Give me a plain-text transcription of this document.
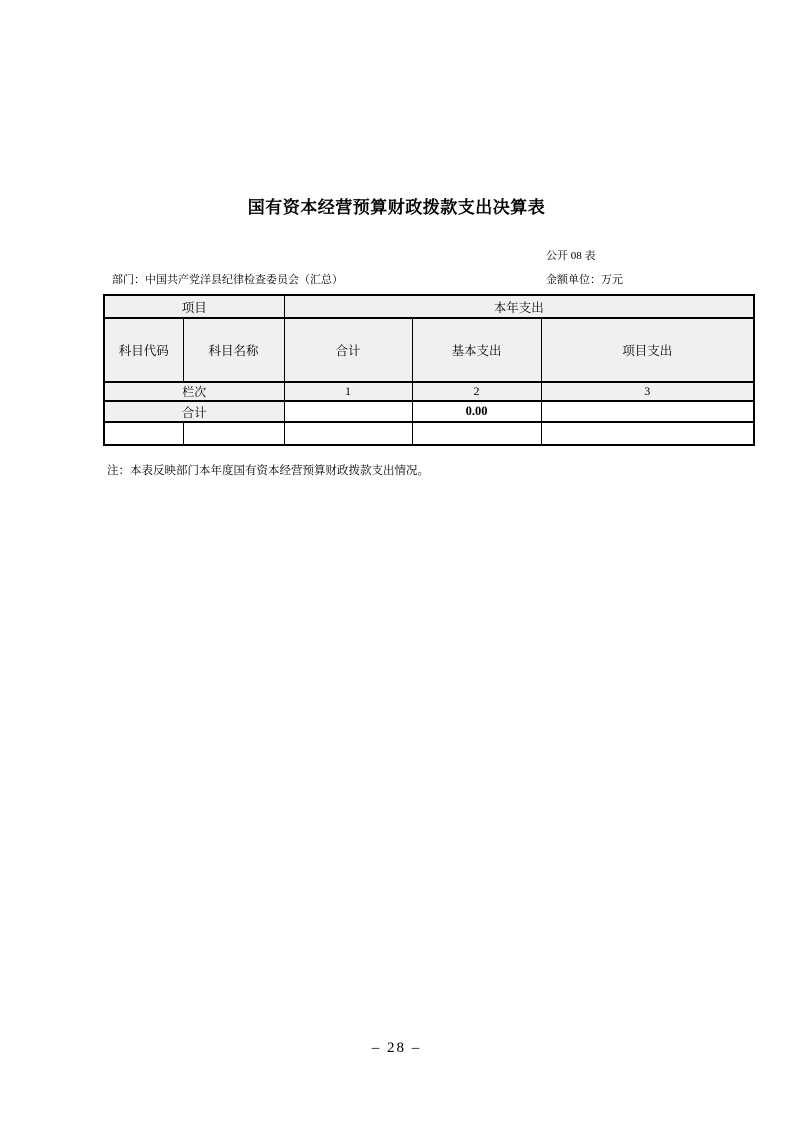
国有资本经营预算财政拨款支出决算表
公开 08 表
部门：中国共产党洋县纪律检查委员会（汇总）	金额单位：万元
项目		本年支出		
科目代码	科目名称	合计	基本支出	项目支出
栏次		1	2	3
合计			0.00	

注：本表反映部门本年度国有资本经营预算财政拨款支出情况。
– 28 –
